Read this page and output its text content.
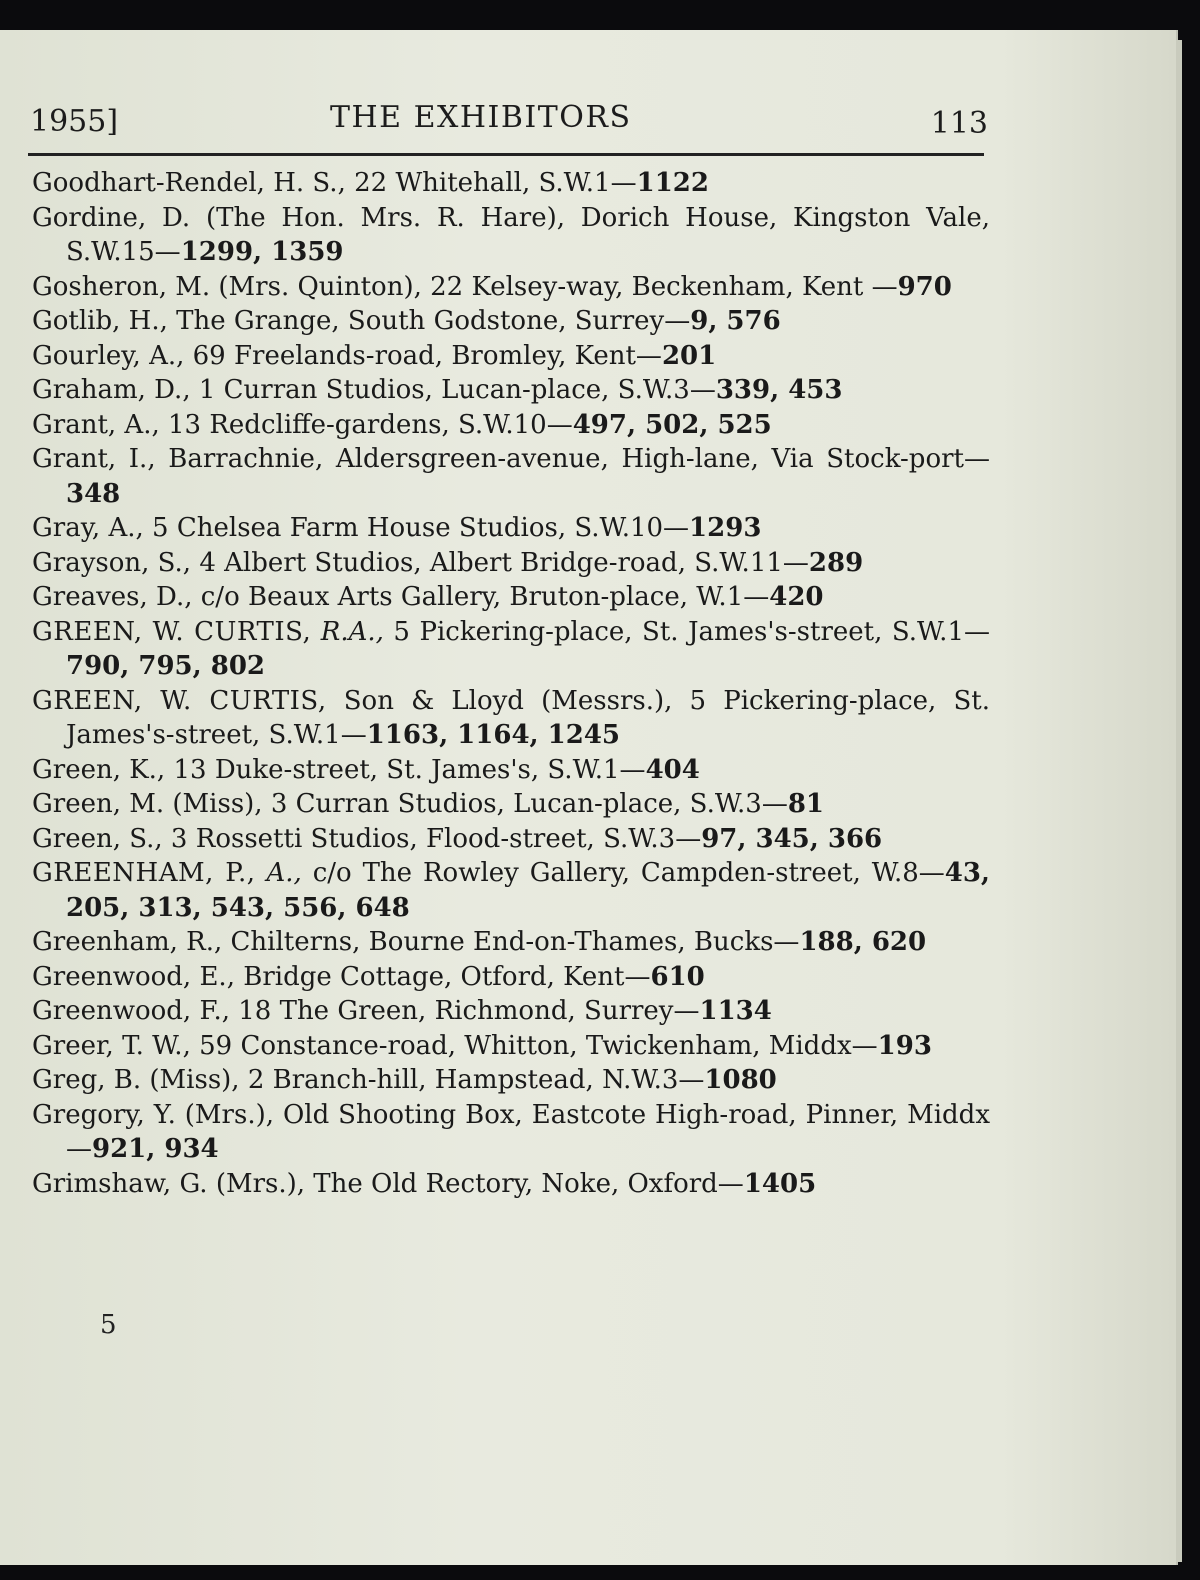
1955]	THE EXHIBITORS	113

Goodhart-Rendel, H. S., 22 Whitehall, S.W.1—1122

Gordine, D. (The Hon. Mrs. R. Hare), Dorich House, Kingston Vale, S.W.15—1299, 1359

Gosheron, M. (Mrs. Quinton), 22 Kelsey-way, Beckenham, Kent —970

Gotlib, H., The Grange, South Godstone, Surrey—9, 576

Gourley, A., 69 Freelands-road, Bromley, Kent—201

Graham, D., 1 Curran Studios, Lucan-place, S.W.3—339, 453

Grant, A., 13 Redcliffe-gardens, S.W.10—497, 502, 525

Grant, I., Barrachnie, Aldersgreen-avenue, High-lane, Via Stock-port—348

Gray, A., 5 Chelsea Farm House Studios, S.W.10—1293

Grayson, S., 4 Albert Studios, Albert Bridge-road, S.W.11—289

Greaves, D., c/o Beaux Arts Gallery, Bruton-place, W.1—420

GREEN, W. CURTIS, R.A., 5 Pickering-place, St. James's-street, S.W.1—790, 795, 802

GREEN, W. CURTIS, Son & Lloyd (Messrs.), 5 Pickering-place, St. James's-street, S.W.1—1163, 1164, 1245

Green, K., 13 Duke-street, St. James's, S.W.1—404

Green, M. (Miss), 3 Curran Studios, Lucan-place, S.W.3—81

Green, S., 3 Rossetti Studios, Flood-street, S.W.3—97, 345, 366

GREENHAM, P., A., c/o The Rowley Gallery, Campden-street, W.8—43, 205, 313, 543, 556, 648

Greenham, R., Chilterns, Bourne End-on-Thames, Bucks—188, 620

Greenwood, E., Bridge Cottage, Otford, Kent—610

Greenwood, F., 18 The Green, Richmond, Surrey—1134

Greer, T. W., 59 Constance-road, Whitton, Twickenham, Middx—193

Greg, B. (Miss), 2 Branch-hill, Hampstead, N.W.3—1080

Gregory, Y. (Mrs.), Old Shooting Box, Eastcote High-road, Pinner, Middx—921, 934

Grimshaw, G. (Mrs.), The Old Rectory, Noke, Oxford—1405

5
